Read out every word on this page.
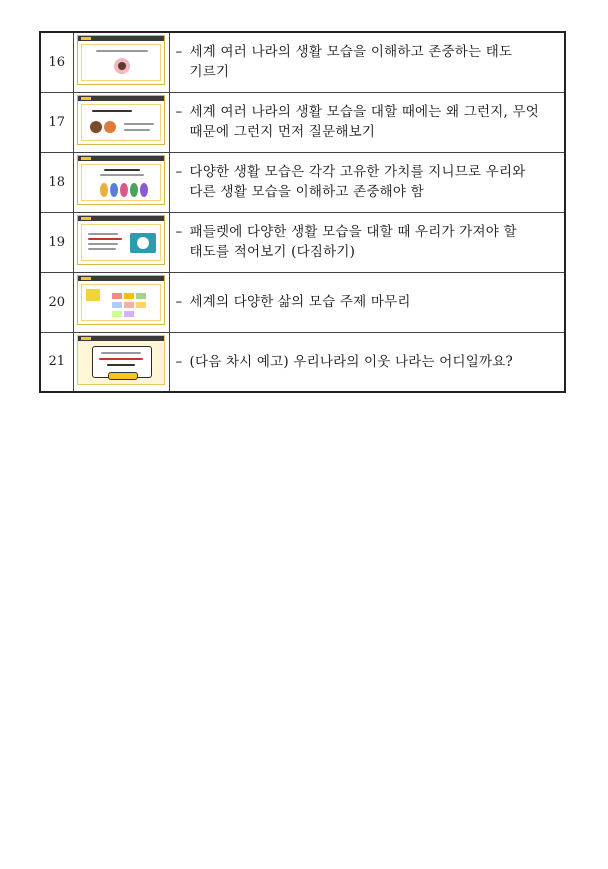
16		– 세계 여러 나라의 생활 모습을 이해하고 존중하는 태도
기르기

17		– 세계 여러 나라의 생활 모습을 대할 때에는 왜 그런지, 무엇
때문에 그런지 먼저 질문해보기

18		– 다양한 생활 모습은 각각 고유한 가치를 지니므로 우리와
다른 생활 모습을 이해하고 존중해야 함

19		– 패들렛에 다양한 생활 모습을 대할 때 우리가 가져야 할
태도를 적어보기 (다짐하기)

20		– 세계의 다양한 삶의 모습 주제 마무리

21		– (다음 차시 예고) 우리나라의 이웃 나라는 어디일까요?
